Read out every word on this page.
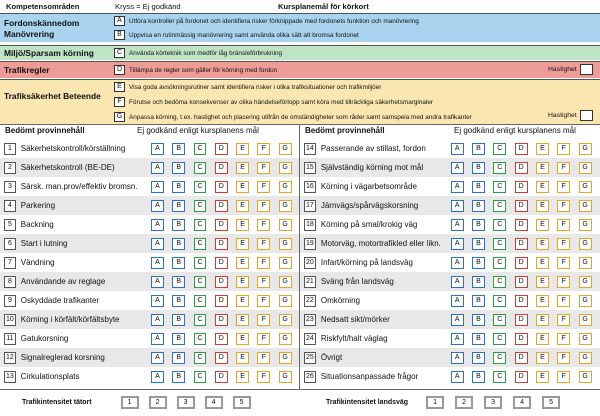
Kompetensområden	Kryss = Ej godkänd	Kursplanemål för körkort
Fordonskännedom Manövrering
A	Utföra kontroller på fordonet och identifiera risker förknippade med fordonets funktion och manövrering
B	Uppvisa en rutinmässig manövrering samt använda olika sätt att bromsa fordonet
Miljö/Sparsam körning	C	Använda körteknik som medför låg bränsleförbrukning
Trafikregler	D	Tillämpa de regler som gäller för körning med fordon	Hastighet
Trafiksäkerhet Beteende
E	Visa goda avsökningsrutiner samt identifiera risker i olika trafiksituationer och trafikmiljöer
F	Förutse och bedöma konsekvenser av olika händelseförlopp samt köra med tillräckliga säkerhetsmarginaler
G	Anpassa körning, t.ex. hastighet och placering utifrån de omständigheter som råder samt samspela med andra trafikanter	Hastighet
Bedömt provinnehåll	Ej godkänd enligt kursplanens mål	Bedömt provinnehåll	Ej godkänd enligt kursplanens mål
1	Säkerhetskontroll/körställning	A	B	C	D	E	F	G
2	Säkerhetskontroll (BE-DE)	A	B	C	D	E	F	G
3	Särsk. man.prov/effektiv bromsn.	A	B	C	D	E	F	G
4	Parkering	A	B	C	D	E	F	G
5	Backning	A	B	C	D	E	F	G
6	Start i lutning	A	B	C	D	E	F	G
7	Vändning	A	B	C	D	E	F	G
8	Användande av reglage	A	B	C	D	E	F	G
9	Oskyddade trafikanter	A	B	C	D	E	F	G
10 Körning i körfält/körfältsbyte	A	B	C	D	E	F	G
11 Gatukorsning	A	B	C	D	E	F	G
12 Signalreglerad korsning	A	B	C	D	E	F	G
13 Cirkulationsplats	A	B	C	D	E	F	G
14 Passerande av stillast, fordon	A	B	C	D	E	F	G
15 Självständig körning mot mål	A	B	C	D	E	F	G
16 Körning i vägarbetsområde	A	B	C	D	E	F	G
17 Järnvägs/spårvägskorsning	A	B	C	D	E	F	G
18 Körning på smal/krokig väg	A	B	C	D	E	F	G
19 Motorväg, motortrafikled eller likn.	A	B	C	D	E	F	G
20 Infart/körning på landsväg	A	B	C	D	E	F	G
21 Sväng från landsväg	A	B	C	D	E	F	G
22 Omkörning	A	B	C	D	E	F	G
23 Nedsatt sikt/mörker	A	B	C	D	E	F	G
24 Riskfylt/halt väglag	A	B	C	D	E	F	G
25 Övrigt	A	B	C	D	E	F	G
26 Situationsanpassade frågor	A	B	C	D	E	F	G
Trafikintensitet tätort	1	2	3	4	5	Trafikintensitet landsväg	1	2	3	4	5
